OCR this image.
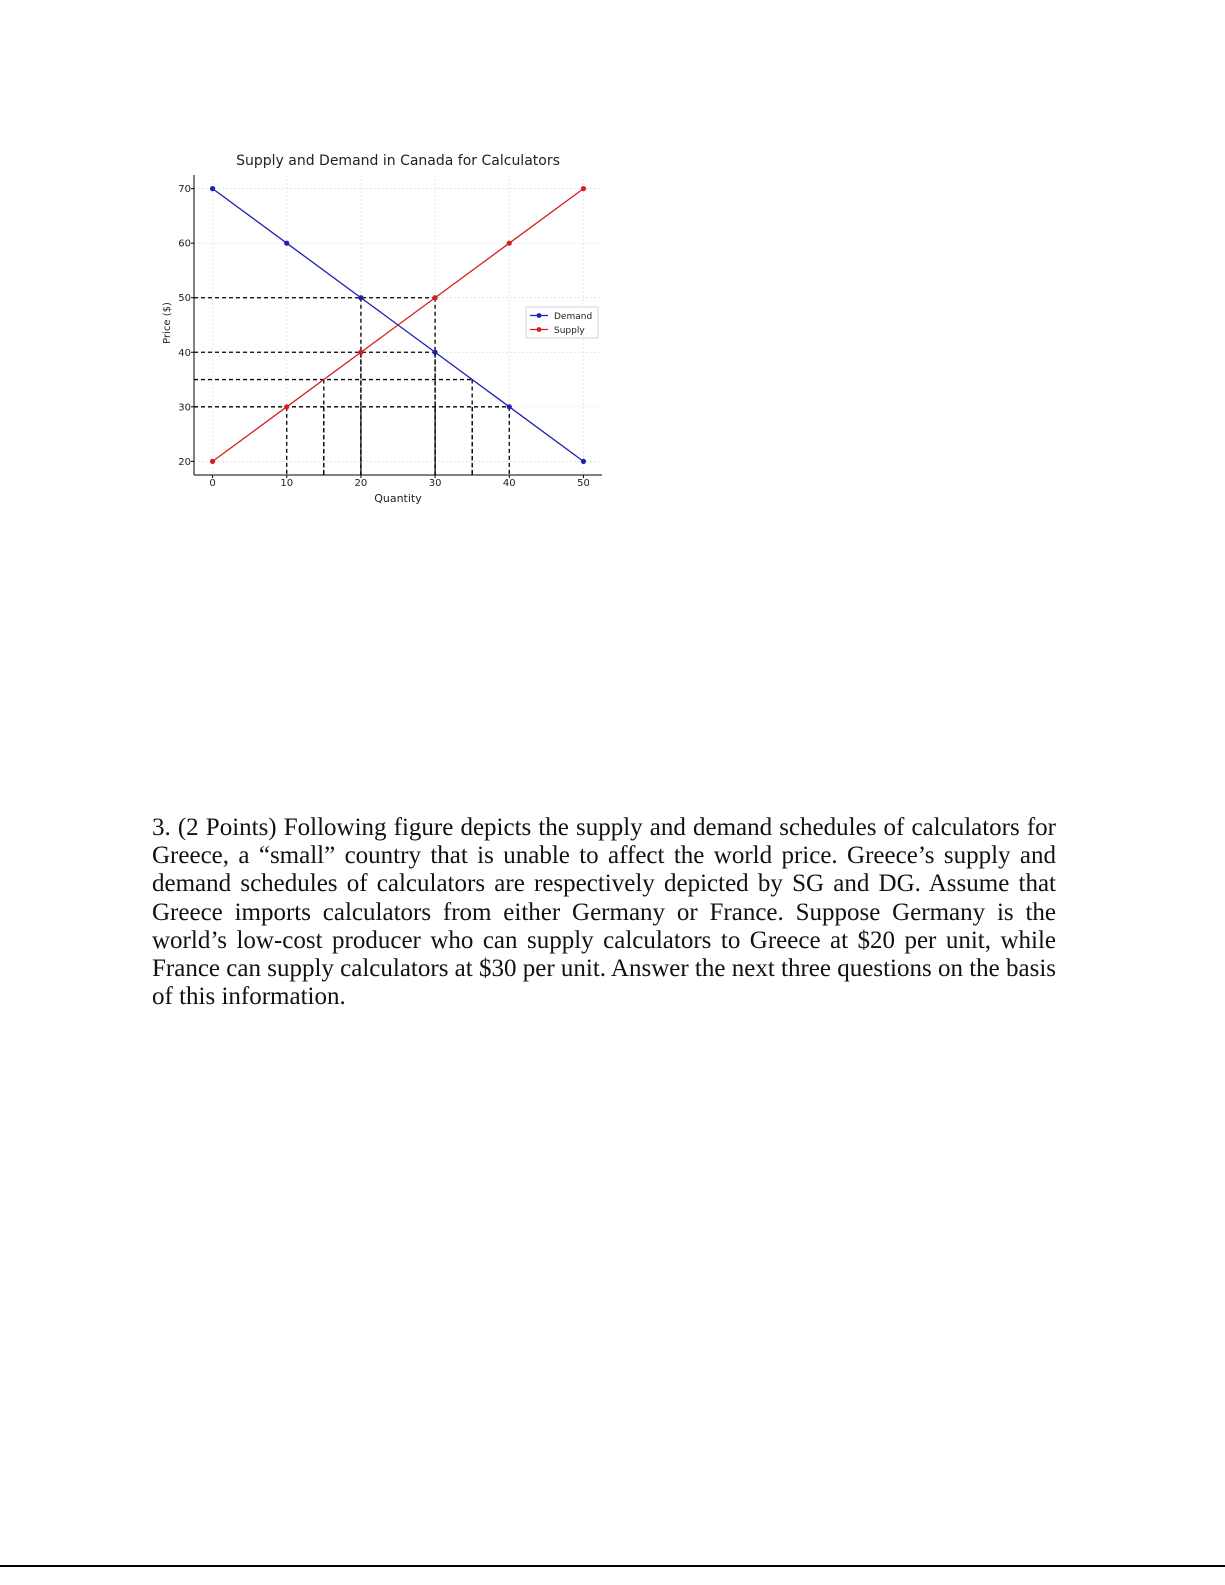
Supply and Demand in Canada for Calculators
Quantity
Price ($)
0	10	20	30	40	50
20
30
40
50
60
70
Demand
Supply

3. (2 Points) Following figure depicts the supply and demand schedules of calculators for Greece, a “small” country that is unable to affect the world price. Greece’s supply and demand schedules of calculators are respectively depicted by SG and DG. Assume that Greece imports calculators from either Germany or France. Suppose Germany is the world’s low-cost producer who can supply calculators to Greece at $20 per unit, while France can supply calculators at $30 per unit. Answer the next three questions on the basis of this information.
